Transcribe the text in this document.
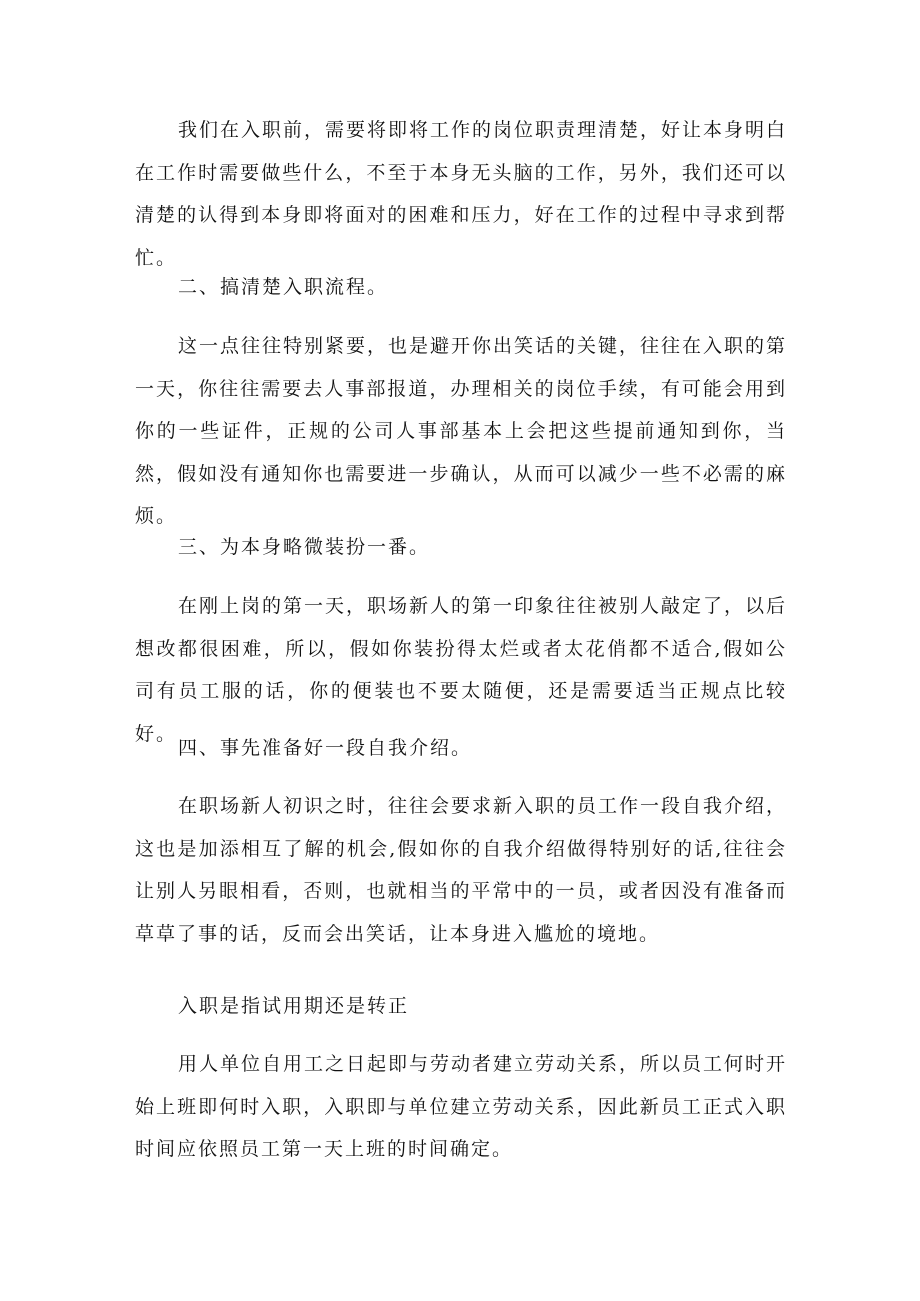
我们在入职前，需要将即将工作的岗位职责理清楚，好让本身明白在工作时需要做些什么，不至于本身无头脑的工作，另外，我们还可以清楚的认得到本身即将面对的困难和压力，好在工作的过程中寻求到帮忙。

二、搞清楚入职流程。

这一点往往特别紧要，也是避开你出笑话的关键，往往在入职的第一天，你往往需要去人事部报道，办理相关的岗位手续，有可能会用到你的一些证件，正规的公司人事部基本上会把这些提前通知到你，当然，假如没有通知你也需要进一步确认，从而可以减少一些不必需的麻烦。

三、为本身略微装扮一番。

在刚上岗的第一天，职场新人的第一印象往往被别人敲定了，以后想改都很困难，所以，假如你装扮得太烂或者太花俏都不适合,假如公司有员工服的话，你的便装也不要太随便，还是需要适当正规点比较好。

四、事先准备好一段自我介绍。

在职场新人初识之时，往往会要求新入职的员工作一段自我介绍，这也是加添相互了解的机会,假如你的自我介绍做得特别好的话,往往会让别人另眼相看，否则，也就相当的平常中的一员，或者因没有准备而草草了事的话，反而会出笑话，让本身进入尴尬的境地。

入职是指试用期还是转正

用人单位自用工之日起即与劳动者建立劳动关系，所以员工何时开始上班即何时入职，入职即与单位建立劳动关系，因此新员工正式入职时间应依照员工第一天上班的时间确定。
